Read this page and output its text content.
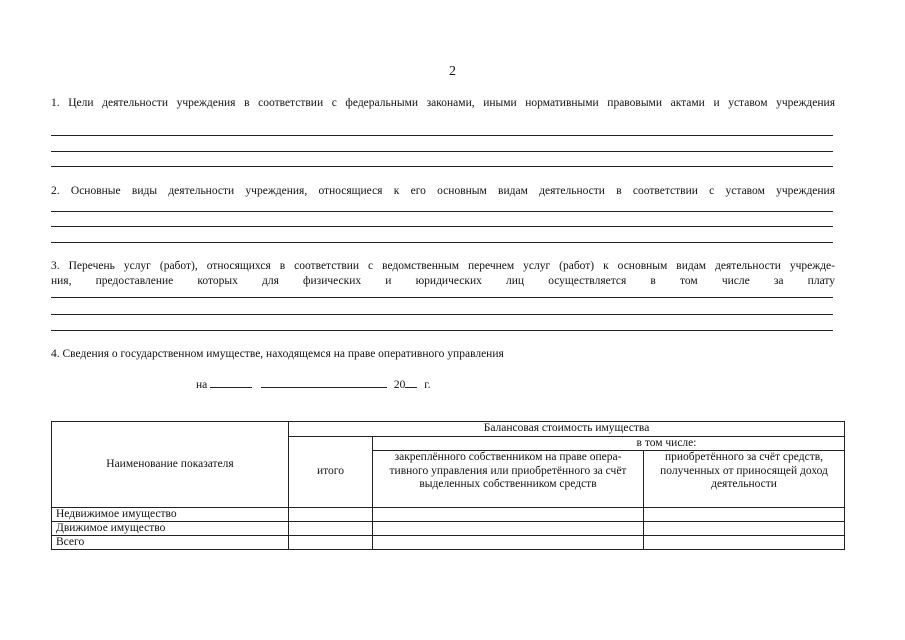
2
1. Цели деятельности учреждения в соответствии с федеральными законами, иными нормативными правовыми актами и уставом учреждения
2. Основные виды деятельности учреждения, относящиеся к его основным видам деятельности в соответствии с уставом учреждения
3. Перечень услуг (работ), относящихся в соответствии с ведомственным перечнем услуг (работ) к основным видам деятельности учрежде-
ния, предоставление которых для физических и юридических лиц осуществляется в том числе за плату
4. Сведения о государственном имуществе, находящемся на праве оперативного управления
на	20 г.
Наименование показателя	Балансовая стоимость имущества		
	итого	в том числе:	
		закреплённого собственником на праве опера-тивного управления или приобретённого за счёт выделенных собственником средств	приобретённого за счёт средств, полученных от приносящей доход деятельности
Недвижимое имущество			
Движимое имущество			
Всего			
